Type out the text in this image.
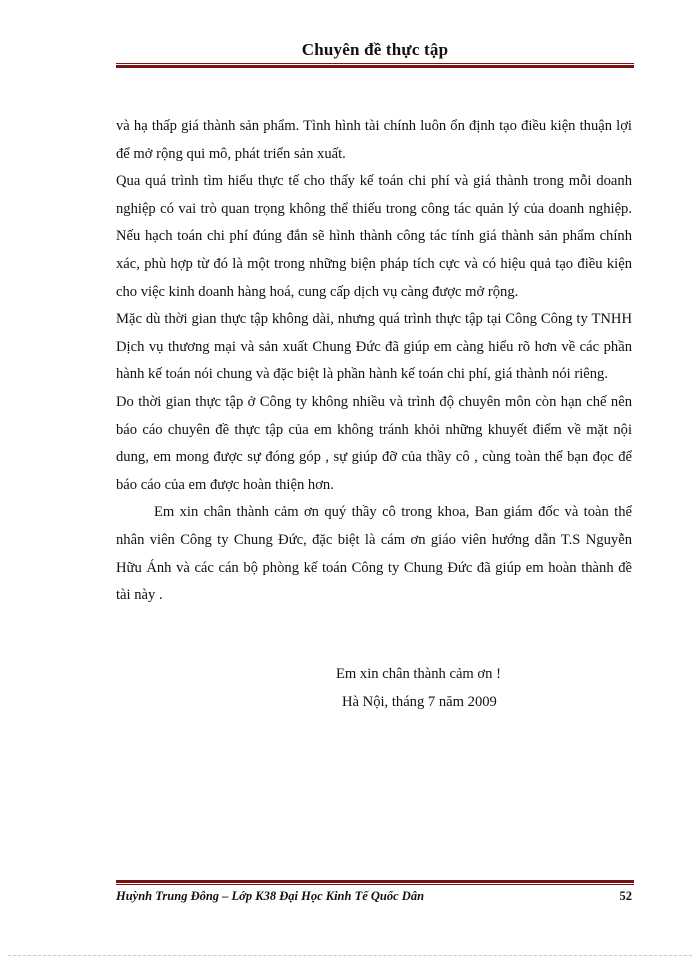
Chuyên đề thực tập

và hạ thấp giá thành sản phẩm. Tình hình tài chính luôn ổn định tạo điều kiện thuận lợi để mở rộng qui mô, phát triển sản xuất.

Qua quá trình tìm hiểu thực tế cho thấy kế toán chi phí và giá thành trong mỗi doanh nghiệp có vai trò quan trọng không thể thiếu trong công tác quản lý của doanh nghiệp. Nếu hạch toán chi phí đúng đắn sẽ hình thành công tác tính giá thành sản phẩm chính xác, phù hợp từ đó là một trong những biện pháp tích cực và có hiệu quả tạo điều kiện cho việc kinh doanh hàng hoá, cung cấp dịch vụ càng được mở rộng.

Mặc dù thời gian thực tập không dài, nhưng quá trình thực tập tại Công Công ty TNHH Dịch vụ thương mại và sản xuất Chung Đức đã giúp em càng hiểu rõ hơn về các phần hành kế toán nói chung và đặc biệt là phần hành kế toán chi phí, giá thành nói riêng.

Do thời gian thực tập ở Công ty không nhiều và trình độ chuyên môn còn hạn chế nên báo cáo chuyên đề thực tập của em không tránh khỏi những khuyết điểm về mặt nội dung, em mong được sự đóng góp , sự giúp đỡ của thầy cô , cùng toàn thể bạn đọc để báo cáo của em được hoàn thiện hơn.

Em xin chân thành cảm ơn quý thầy cô trong khoa, Ban giám đốc và toàn thể nhân viên Công ty Chung Đức, đặc biệt là cám ơn giáo viên hướng dẫn T.S Nguyễn Hữu Ánh và các cán bộ phòng kế toán Công ty Chung Đức đã giúp em hoàn thành đề tài này .

Em xin chân thành cảm ơn !
Hà Nội, tháng 7 năm 2009
Huỳnh Trung Đông – Lớp K38 Đại Học Kinh Tế Quốc Dân	52
